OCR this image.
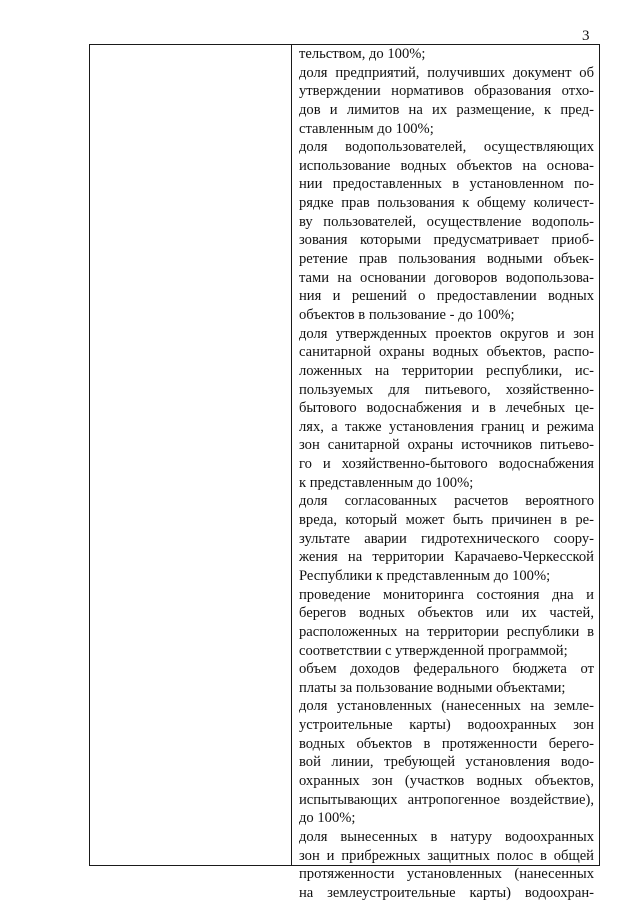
3
тельством, до 100%;
доля предприятий, получивших документ об
утверждении нормативов образования отхо-
дов и лимитов на их размещение, к пред-
ставленным до 100%;
доля водопользователей, осуществляющих
использование водных объектов на основа-
нии предоставленных в установленном по-
рядке прав пользования к общему количест-
ву пользователей, осуществление водополь-
зования которыми предусматривает приоб-
ретение прав пользования водными объек-
тами на основании договоров водопользова-
ния и решений о предоставлении водных
объектов в пользование - до 100%;
доля утвержденных проектов округов и зон
санитарной охраны водных объектов, распо-
ложенных на территории республики, ис-
пользуемых для питьевого, хозяйственно-
бытового водоснабжения и в лечебных це-
лях, а также установления границ и режима
зон санитарной охраны источников питьево-
го и хозяйственно-бытового водоснабжения
к представленным до 100%;
доля согласованных расчетов вероятного
вреда, который может быть причинен в ре-
зультате аварии гидротехнического соору-
жения на территории Карачаево-Черкесской
Республики к представленным до 100%;
проведение мониторинга состояния дна и
берегов водных объектов или их частей,
расположенных на территории республики в
соответствии с утвержденной программой;
объем доходов федерального бюджета от
платы за пользование водными объектами;
доля установленных (нанесенных на земле-
устроительные карты) водоохранных зон
водных объектов в протяженности берего-
вой линии, требующей установления водо-
охранных зон (участков водных объектов,
испытывающих антропогенное воздействие),
до 100%;
доля вынесенных в натуру водоохранных
зон и прибрежных защитных полос в общей
протяженности установленных (нанесенных
на землеустроительные карты) водоохран-
